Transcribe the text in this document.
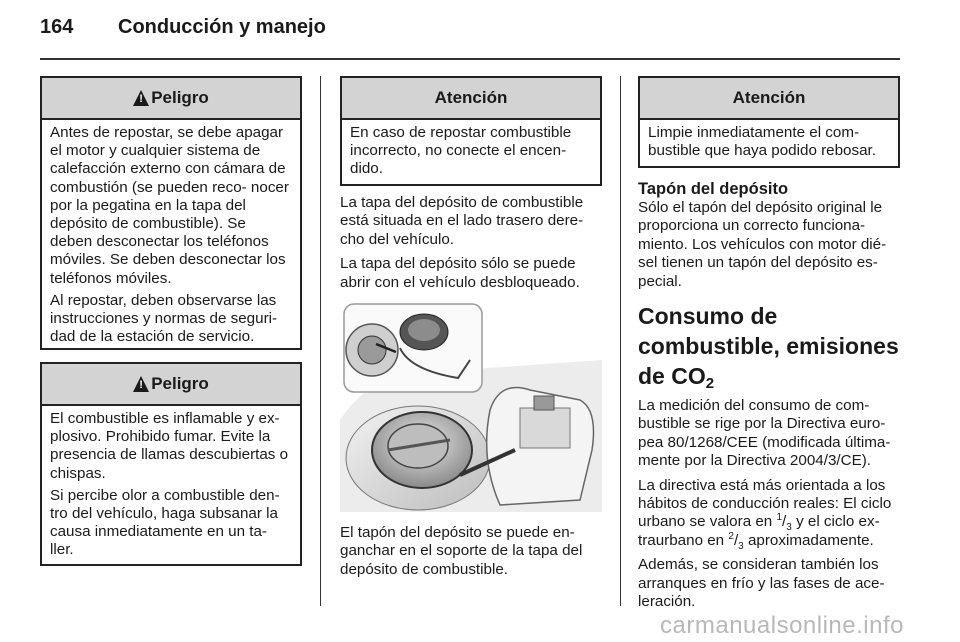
164 Conducción y manejo
!
Peligro

Antes de repostar, se debe apagar el motor y cualquier sistema de calefacción externo con cámara de combustión (se pueden reco- nocer por la pegatina en la tapa del depósito de combustible). Se deben desconectar los teléfonos móviles. Se deben desconectar los teléfonos móviles.

Al repostar, deben observarse las instrucciones y normas de seguri- dad de la estación de servicio.

!
Peligro

El combustible es inflamable y ex- plosivo. Prohibido fumar. Evite la presencia de llamas descubiertas o chispas.

Si percibe olor a combustible den- tro del vehículo, haga subsanar la causa inmediatamente en un ta- ller.

Atención

En caso de repostar combustible incorrecto, no conecte el encen- dido.

La tapa del depósito de combustible está situada en el lado trasero dere- cho del vehículo.

La tapa del depósito sólo se puede abrir con el vehículo desbloqueado.

El tapón del depósito se puede en- ganchar en el soporte de la tapa del depósito de combustible.

Atención

Limpie inmediatamente el com- bustible que haya podido rebosar.

Tapón del depósito

Sólo el tapón del depósito original le proporciona un correcto funciona- miento. Los vehículos con motor dié- sel tienen un tapón del depósito es- pecial.

Consumo de combustible, emisiones de $CO_2$

La medición del consumo de com- bustible se rige por la Directiva euro- pea 80/1268/CEE (modificada última- mente por la Directiva 2004/3/CE).

La directiva está más orientada a los hábitos de conducción reales: El ciclo urbano se valora en $^1/_3$ y el ciclo ex- traurbano en $^2/_3$ aproximadamente.

Además, se consideran también los arranques en frío y las fases de ace- leración.

carmanualsonline.info
